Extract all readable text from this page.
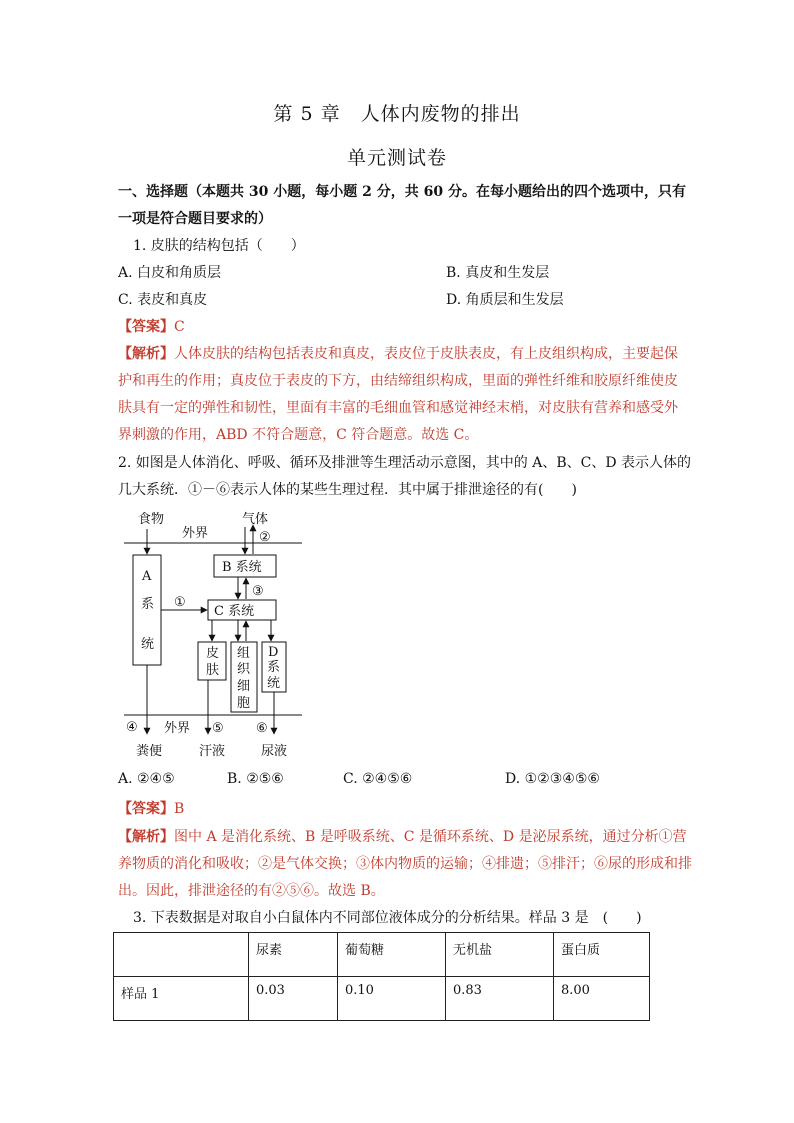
第 5 章　人体内废物的排出
单元测试卷
一、选择题（本题共 30 小题，每小题 2 分，共 60 分。在每小题给出的四个选项中，只有
一项是符合题目要求的）
1. 皮肤的结构包括（　　）
A. 白皮和角质层	B. 真皮和生发层
C. 表皮和真皮	D. 角质层和生发层
【答案】C
【解析】人体皮肤的结构包括表皮和真皮，表皮位于皮肤表皮，有上皮组织构成，主要起保
护和再生的作用；真皮位于表皮的下方，由结缔组织构成，里面的弹性纤维和胶原纤维使皮
肤具有一定的弹性和韧性，里面有丰富的毛细血管和感觉神经末梢，对皮肤有营养和感受外
界刺激的作用，ABD 不符合题意，C 符合题意。故选 C。
2. 如图是人体消化、呼吸、循环及排泄等生理活动示意图，其中的 A、B、C、D 表示人体的
几大系统．①－⑥表示人体的某些生理过程．其中属于排泄途径的有(　　)
食物
外界
气体
②
A
系
统
B 系统
③
C 系统
①
皮
肤
组
织
细
胞
D
系
统
④ 外界 ⑤ ⑥
粪便	汗液	尿液
A. ②④⑤	B. ②⑤⑥	C. ②④⑤⑥	D. ①②③④⑤⑥
【答案】B
【解析】图中 A 是消化系统、B 是呼吸系统、C 是循环系统、D 是泌尿系统，通过分析①营
养物质的消化和吸收；②是气体交换；③体内物质的运输；④排遗；⑤排汗；⑥尿的形成和排
出。因此，排泄途径的有②⑤⑥。故选 B。
3. 下表数据是对取自小白鼠体内不同部位液体成分的分析结果。样品 3 是　(　　)
	尿素	葡萄糖	无机盐	蛋白质
样品 1	0.03	0.10	0.83	8.00
